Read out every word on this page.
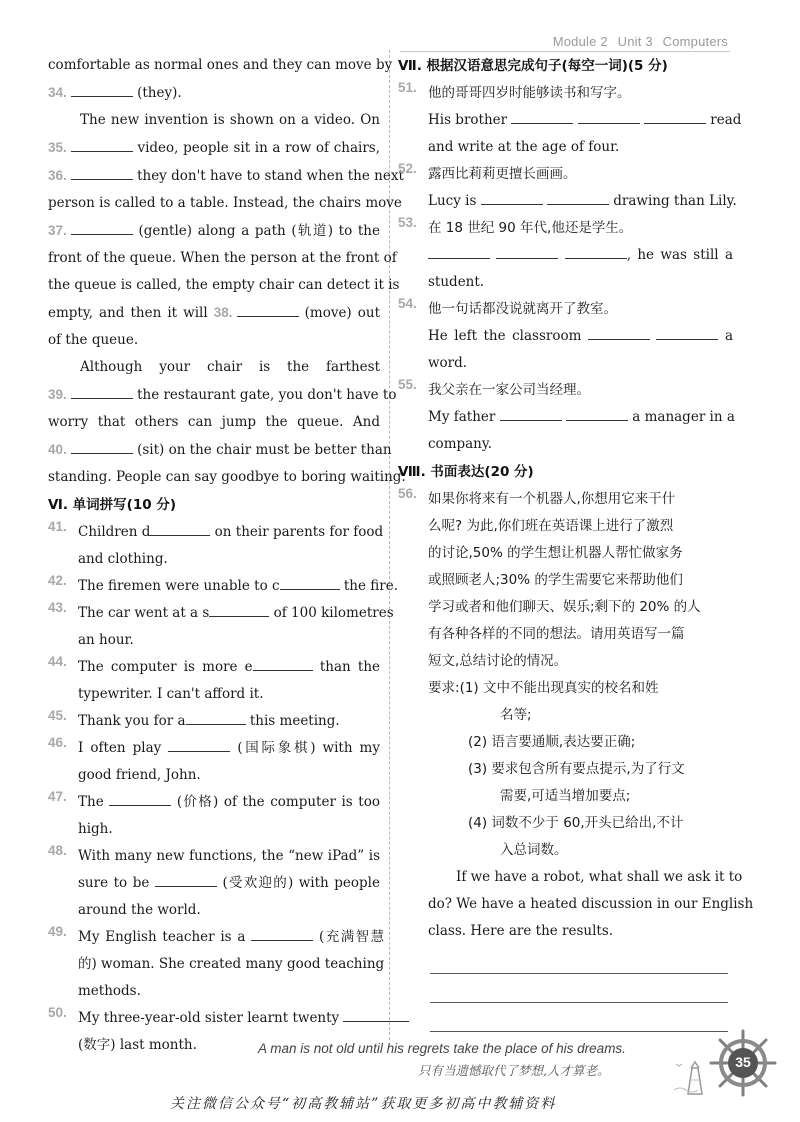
Module 2 Unit 3 Computers
comfortable as normal ones and they can move by
34.	(they).
The new invention is shown on a video. On
35.	video, people sit in a row of chairs,
36.	they don't have to stand when the next
person is called to a table. Instead, the chairs move
37.	(gentle) along a path (轨道) to the
front of the queue. When the person at the front of
the queue is called, the empty chair can detect it is
empty, and then it will 38.	(move) out
of the queue.
Although your chair is the farthest
39.	the restaurant gate, you don't have to
worry that others can jump the queue. And
40.	(sit) on the chair must be better than
standing. People can say goodbye to boring waiting.
Ⅵ. 单词拼写(10 分)
41. Children d	on their parents for food
and clothing.
42. The firemen were unable to c	the fire.
43. The car went at a s	of 100 kilometres
an hour.
44. The computer is more e	than the
typewriter. I can't afford it.
45. Thank you for a	this meeting.
46. I often play	(国际象棋) with my
good friend, John.
47. The	(价格) of the computer is too
high.
48. With many new functions, the “new iPad” is
sure to be	(受欢迎的) with people
around the world.
49. My English teacher is a	(充满智慧
的) woman. She created many good teaching
methods.
50. My three-year-old sister learnt twenty
(数字) last month.
Ⅶ. 根据汉语意思完成句子(每空一词)(5 分)
51. 他的哥哥四岁时能够读书和写字。
His brother	read
and write at the age of four.
52. 露西比莉莉更擅长画画。
Lucy is	drawing than Lily.
53. 在 18 世纪 90 年代,他还是学生。
, he was still a
student.
54. 他一句话都没说就离开了教室。
He left the classroom	a
word.
55. 我父亲在一家公司当经理。
My father	a manager in a
company.
Ⅷ. 书面表达(20 分)
56. 如果你将来有一个机器人,你想用它来干什
么呢? 为此,你们班在英语课上进行了激烈
的讨论,50% 的学生想让机器人帮忙做家务
或照顾老人;30% 的学生需要它来帮助他们
学习或者和他们聊天、娱乐;剩下的 20% 的人
有各种各样的不同的想法。请用英语写一篇
短文,总结讨论的情况。
要求:(1) 文中不能出现真实的校名和姓
名等;
(2) 语言要通顺,表达要正确;
(3) 要求包含所有要点提示,为了行文
需要,可适当增加要点;
(4) 词数不少于 60,开头已给出,不计
入总词数。
If we have a robot, what shall we ask it to
do? We have a heated discussion in our English
class. Here are the results.
A man is not old until his regrets take the place of his dreams.
只有当遗憾取代了梦想,人才算老。
35
关注微信公众号“初高教辅站”获取更多初高中教辅资料
